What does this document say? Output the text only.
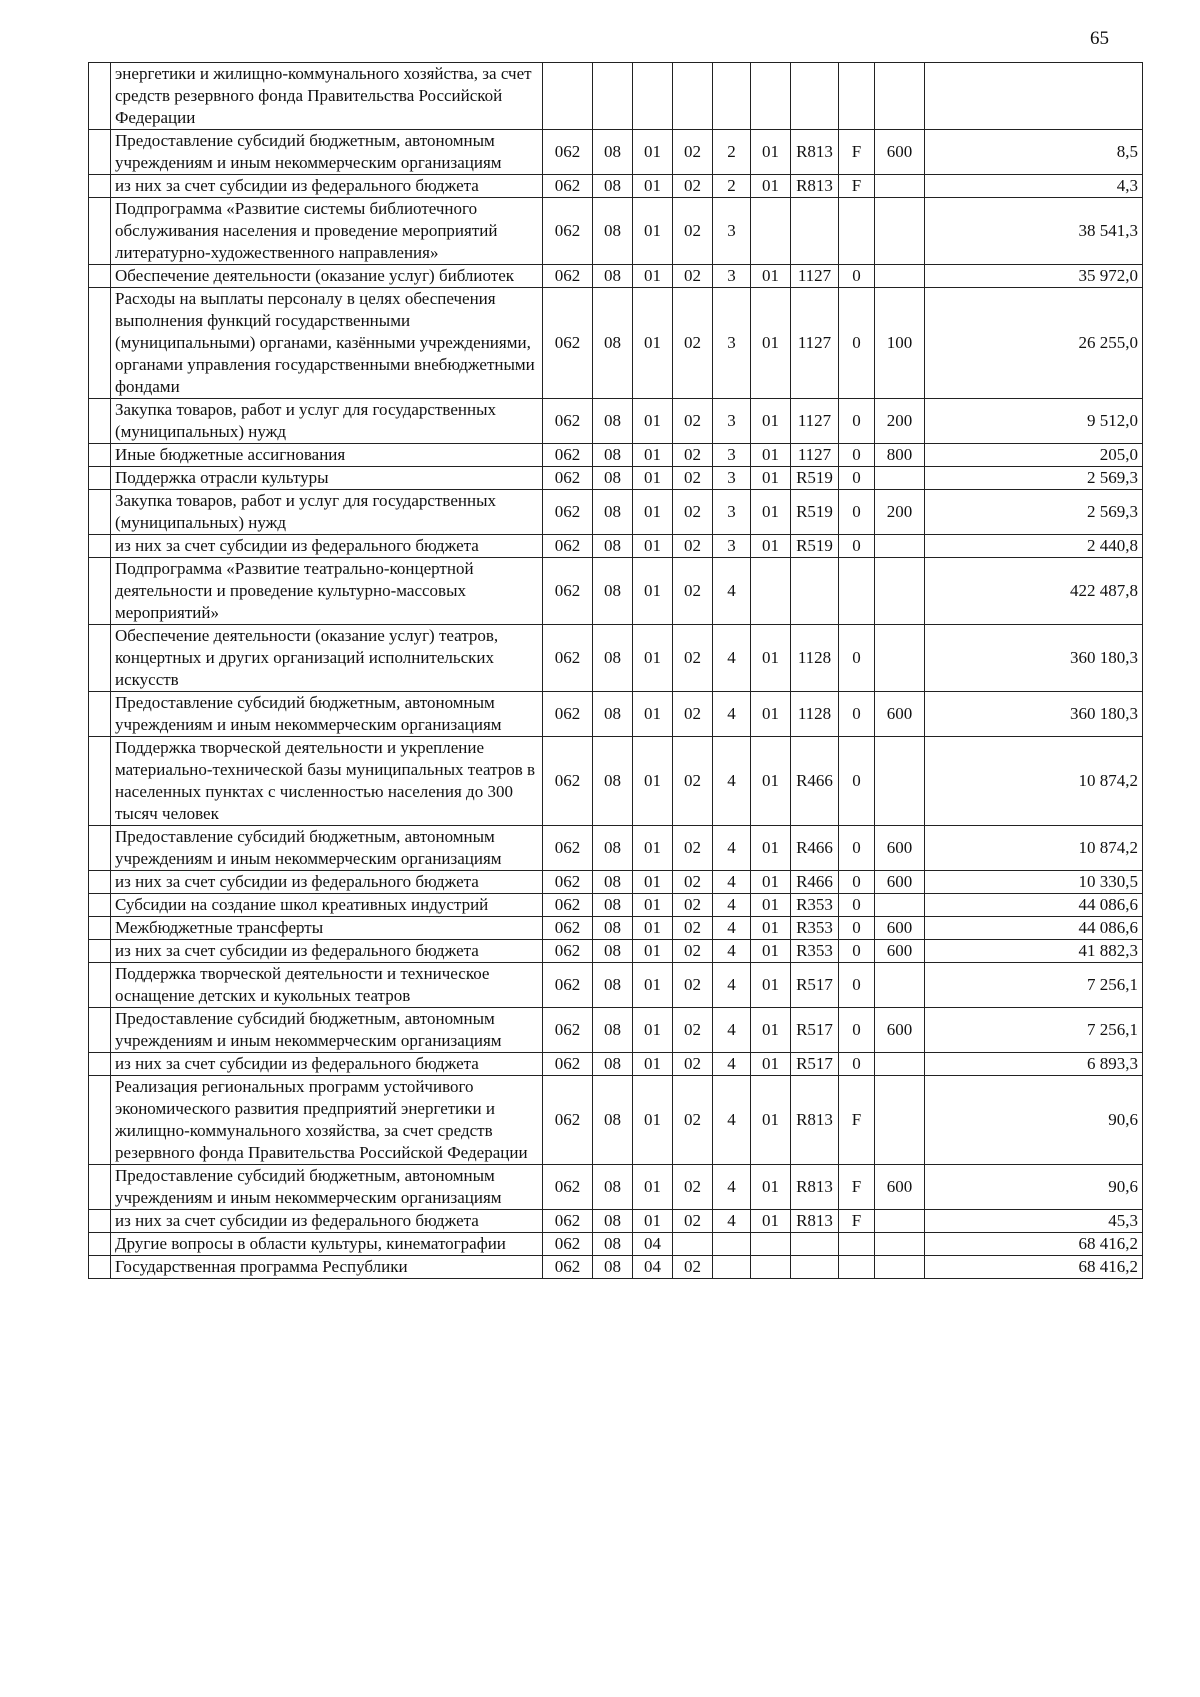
65
	энергетики и жилищно-коммунального хозяйства, за счет средств резервного фонда Правительства Российской Федерации										
	Предоставление субсидий бюджетным, автономным учреждениям и иным некоммерческим организациям	062	08	01	02	2	01	R813	F	600	8,5
	из них за счет субсидии из федерального бюджета	062	08	01	02	2	01	R813	F		4,3
	Подпрограмма «Развитие системы библиотечного обслуживания населения и проведение мероприятий литературно-художественного направления»	062	08	01	02	3					38 541,3
	Обеспечение деятельности (оказание услуг) библиотек	062	08	01	02	3	01	1127	0		35 972,0
	Расходы на выплаты персоналу в целях обеспечения выполнения функций государственными (муниципальными) органами, казёнными учреждениями, органами управления государственными внебюджетными фондами	062	08	01	02	3	01	1127	0	100	26 255,0
	Закупка товаров, работ и услуг для государственных (муниципальных) нужд	062	08	01	02	3	01	1127	0	200	9 512,0
	Иные бюджетные ассигнования	062	08	01	02	3	01	1127	0	800	205,0
	Поддержка отрасли культуры	062	08	01	02	3	01	R519	0		2 569,3
	Закупка товаров, работ и услуг для государственных (муниципальных) нужд	062	08	01	02	3	01	R519	0	200	2 569,3
	из них за счет субсидии из федерального бюджета	062	08	01	02	3	01	R519	0		2 440,8
	Подпрограмма «Развитие театрально-концертной деятельности и проведение культурно-массовых мероприятий»	062	08	01	02	4					422 487,8
	Обеспечение деятельности (оказание услуг) театров, концертных и других организаций исполнительских искусств	062	08	01	02	4	01	1128	0		360 180,3
	Предоставление субсидий бюджетным, автономным учреждениям и иным некоммерческим организациям	062	08	01	02	4	01	1128	0	600	360 180,3
	Поддержка творческой деятельности и укрепление материально-технической базы муниципальных театров в населенных пунктах с численностью населения до 300 тысяч человек	062	08	01	02	4	01	R466	0		10 874,2
	Предоставление субсидий бюджетным, автономным учреждениям и иным некоммерческим организациям	062	08	01	02	4	01	R466	0	600	10 874,2
	из них за счет субсидии из федерального бюджета	062	08	01	02	4	01	R466	0	600	10 330,5
	Субсидии на создание школ креативных индустрий	062	08	01	02	4	01	R353	0		44 086,6
	Межбюджетные трансферты	062	08	01	02	4	01	R353	0	600	44 086,6
	из них за счет субсидии из федерального бюджета	062	08	01	02	4	01	R353	0	600	41 882,3
	Поддержка творческой деятельности и техническое оснащение детских и кукольных театров	062	08	01	02	4	01	R517	0		7 256,1
	Предоставление субсидий бюджетным, автономным учреждениям и иным некоммерческим организациям	062	08	01	02	4	01	R517	0	600	7 256,1
	из них за счет субсидии из федерального бюджета	062	08	01	02	4	01	R517	0		6 893,3
	Реализация региональных программ устойчивого экономического развития предприятий энергетики и жилищно-коммунального хозяйства, за счет средств резервного фонда Правительства Российской Федерации	062	08	01	02	4	01	R813	F		90,6
	Предоставление субсидий бюджетным, автономным учреждениям и иным некоммерческим организациям	062	08	01	02	4	01	R813	F	600	90,6
	из них за счет субсидии из федерального бюджета	062	08	01	02	4	01	R813	F		45,3
	Другие вопросы в области культуры, кинематографии	062	08	04							68 416,2
	Государственная программа Республики	062	08	04	02						68 416,2
